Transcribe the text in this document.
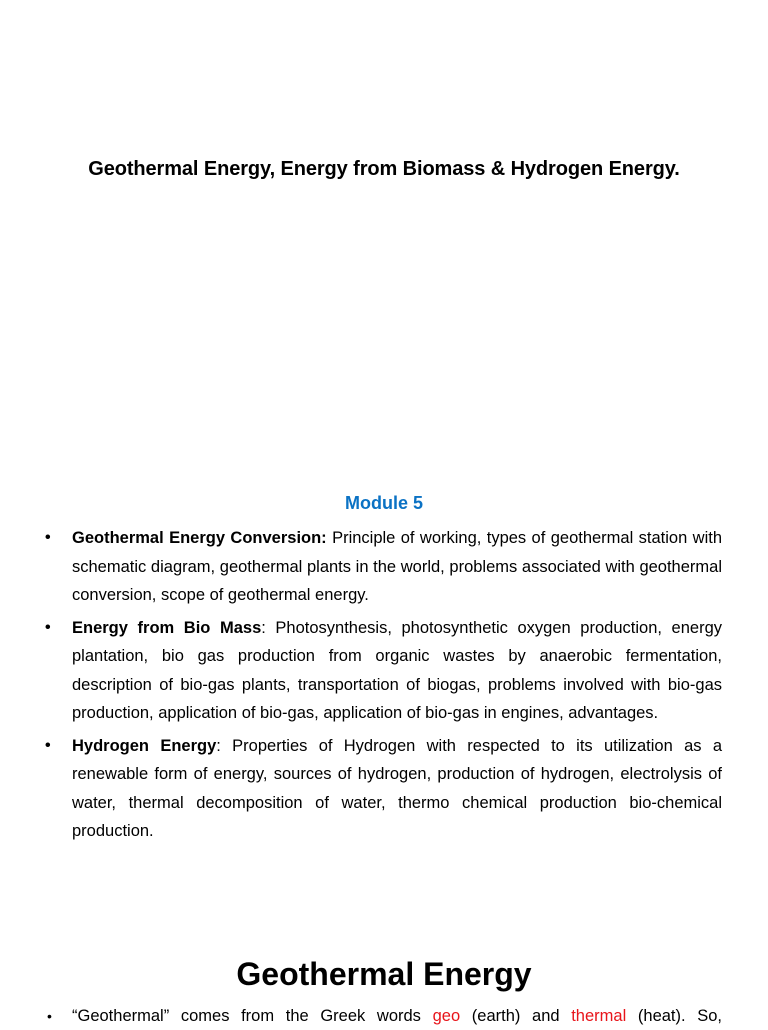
Geothermal Energy, Energy from Biomass & Hydrogen Energy.
Module 5
• Geothermal Energy Conversion: Principle of working, types of geothermal station with schematic diagram, geothermal plants in the world, problems associated with geothermal conversion, scope of geothermal energy.
• Energy from Bio Mass: Photosynthesis, photosynthetic oxygen production, energy plantation, bio gas production from organic wastes by anaerobic fermentation, description of bio-gas plants, transportation of biogas, problems involved with bio-gas production, application of bio-gas, application of bio-gas in engines, advantages.
• Hydrogen Energy: Properties of Hydrogen with respected to its utilization as a renewable form of energy, sources of hydrogen, production of hydrogen, electrolysis of water, thermal decomposition of water, thermo chemical production bio-chemical production.
Geothermal Energy
• “Geothermal” comes from the Greek words geo (earth) and thermal (heat). So,
